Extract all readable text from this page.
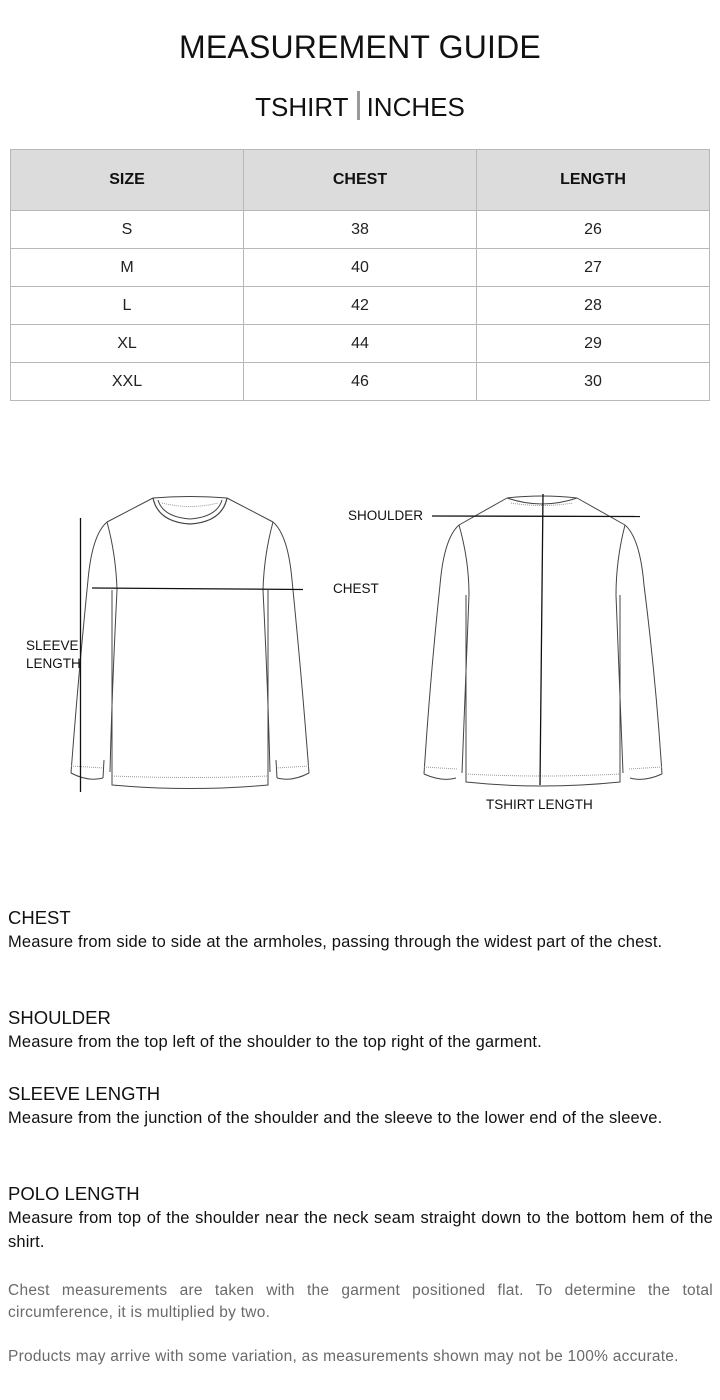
MEASUREMENT GUIDE
TSHIRT INCHES
SIZE	CHEST	LENGTH
S	38	26
M	40	27
L	42	28
XL	44	29
XXL	46	30
SLEEVE
LENGTH
CHEST
SHOULDER
TSHIRT LENGTH
CHEST

Measure from side to side at the armholes, passing through the widest part of the chest.

SHOULDER

Measure from the top left of the shoulder to the top right of the garment.

SLEEVE LENGTH

Measure from the junction of the shoulder and the sleeve to the lower end of the sleeve.

POLO LENGTH

Measure from top of the shoulder near the neck seam straight down to the bottom hem of the shirt.

Chest measurements are taken with the garment positioned flat. To determine the total circumference, it is multiplied by two.

Products may arrive with some variation, as measurements shown may not be 100% accurate.
